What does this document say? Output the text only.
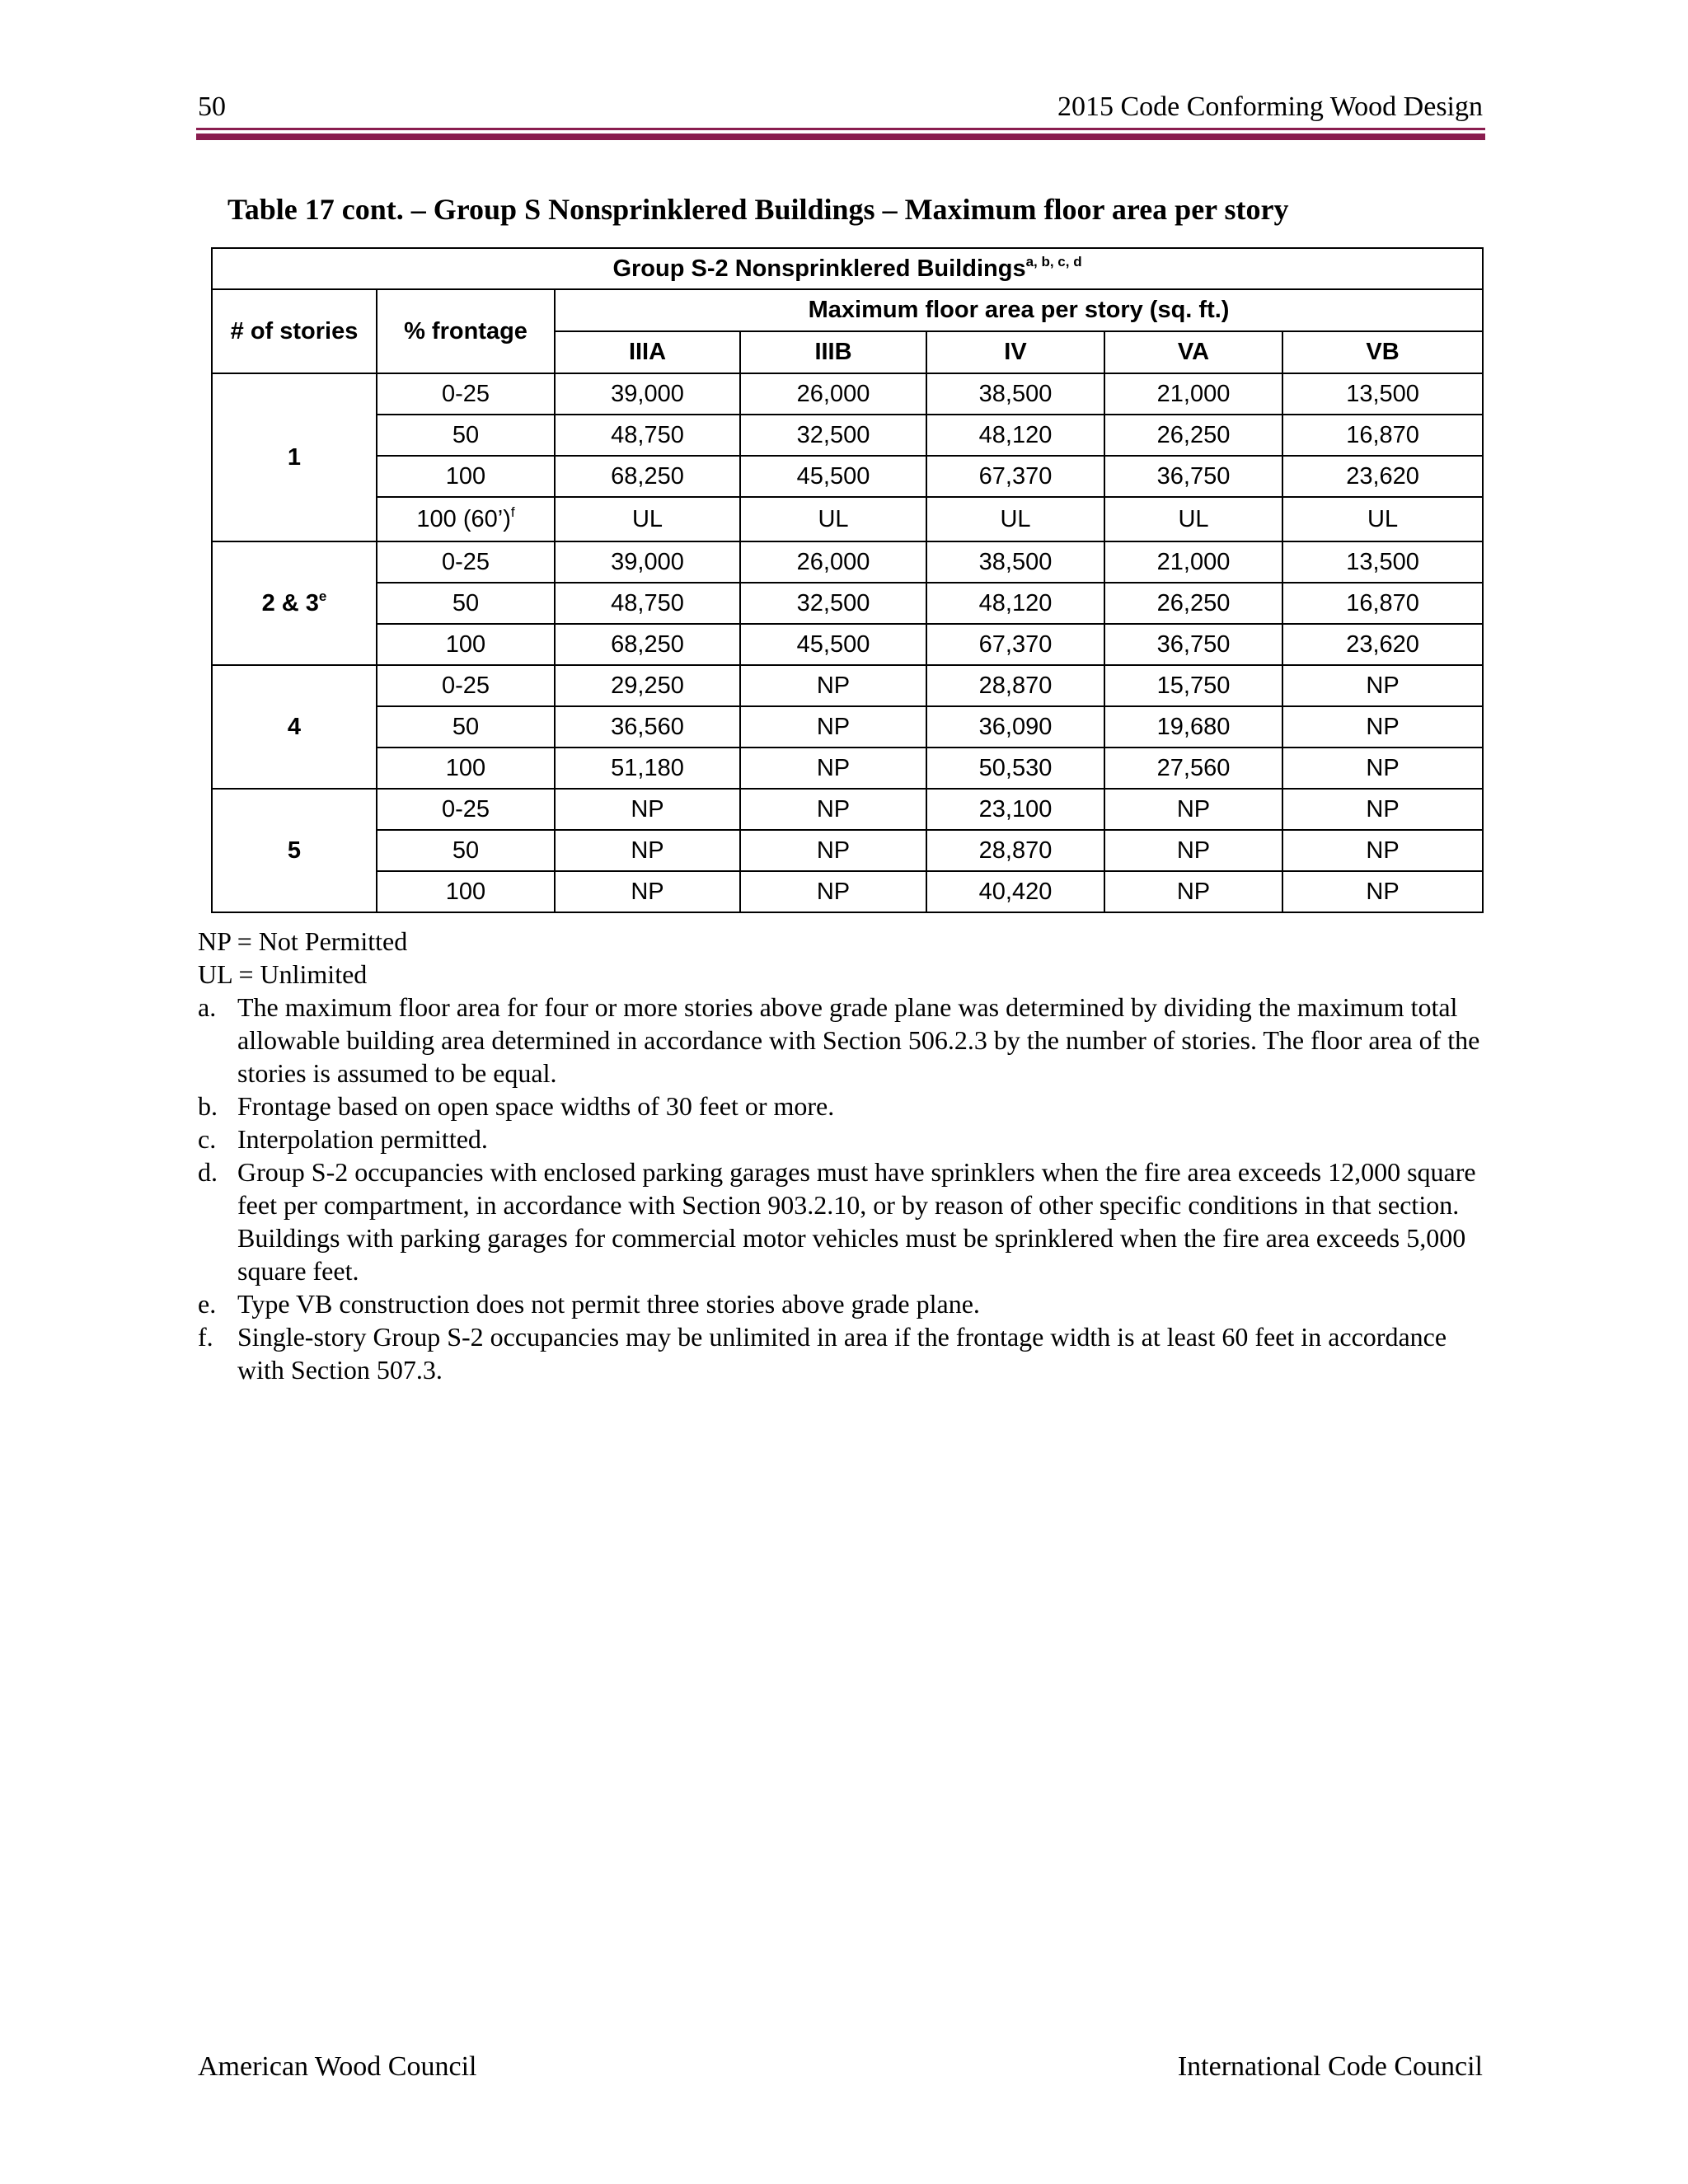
50	2015 Code Conforming Wood Design
Table 17 cont. – Group S Nonsprinklered Buildings – Maximum floor area per story
Group S-2 Nonsprinklered Buildings$^{a, b, c, d}$
# of stories	% frontage	Maximum floor area per story (sq. ft.)				
		IIIA	IIIB	IV	VA	VB
1	0-25	39,000	26,000	38,500	21,000	13,500
	50	48,750	32,500	48,120	26,250	16,870
	100	68,250	45,500	67,370	36,750	23,620
	100 (60’)$^f$	UL	UL	UL	UL	UL
2 & 3e	0-25	39,000	26,000	38,500	21,000	13,500
	50	48,750	32,500	48,120	26,250	16,870
	100	68,250	45,500	67,370	36,750	23,620
4	0-25	29,250	NP	28,870	15,750	NP
	50	36,560	NP	36,090	19,680	NP
	100	51,180	NP	50,530	27,560	NP
5	0-25	NP	NP	23,100	NP	NP
	50	NP	NP	28,870	NP	NP
	100	NP	NP	40,420	NP	NP

NP = Not Permitted

UL = Unlimited

a. The maximum floor area for four or more stories above grade plane was determined by dividing the maximum total allowable building area determined in accordance with Section 506.2.3 by the number of stories. The floor area of the stories is assumed to be equal.
b. Frontage based on open space widths of 30 feet or more.
c. Interpolation permitted.
d. Group S-2 occupancies with enclosed parking garages must have sprinklers when the fire area exceeds 12,000 square feet per compartment, in accordance with Section 903.2.10, or by reason of other specific conditions in that section. Buildings with parking garages for commercial motor vehicles must be sprinklered when the fire area exceeds 5,000 square feet.
e. Type VB construction does not permit three stories above grade plane.
f. Single-story Group S-2 occupancies may be unlimited in area if the frontage width is at least 60 feet in accordance with Section 507.3.
American Wood Council	International Code Council
